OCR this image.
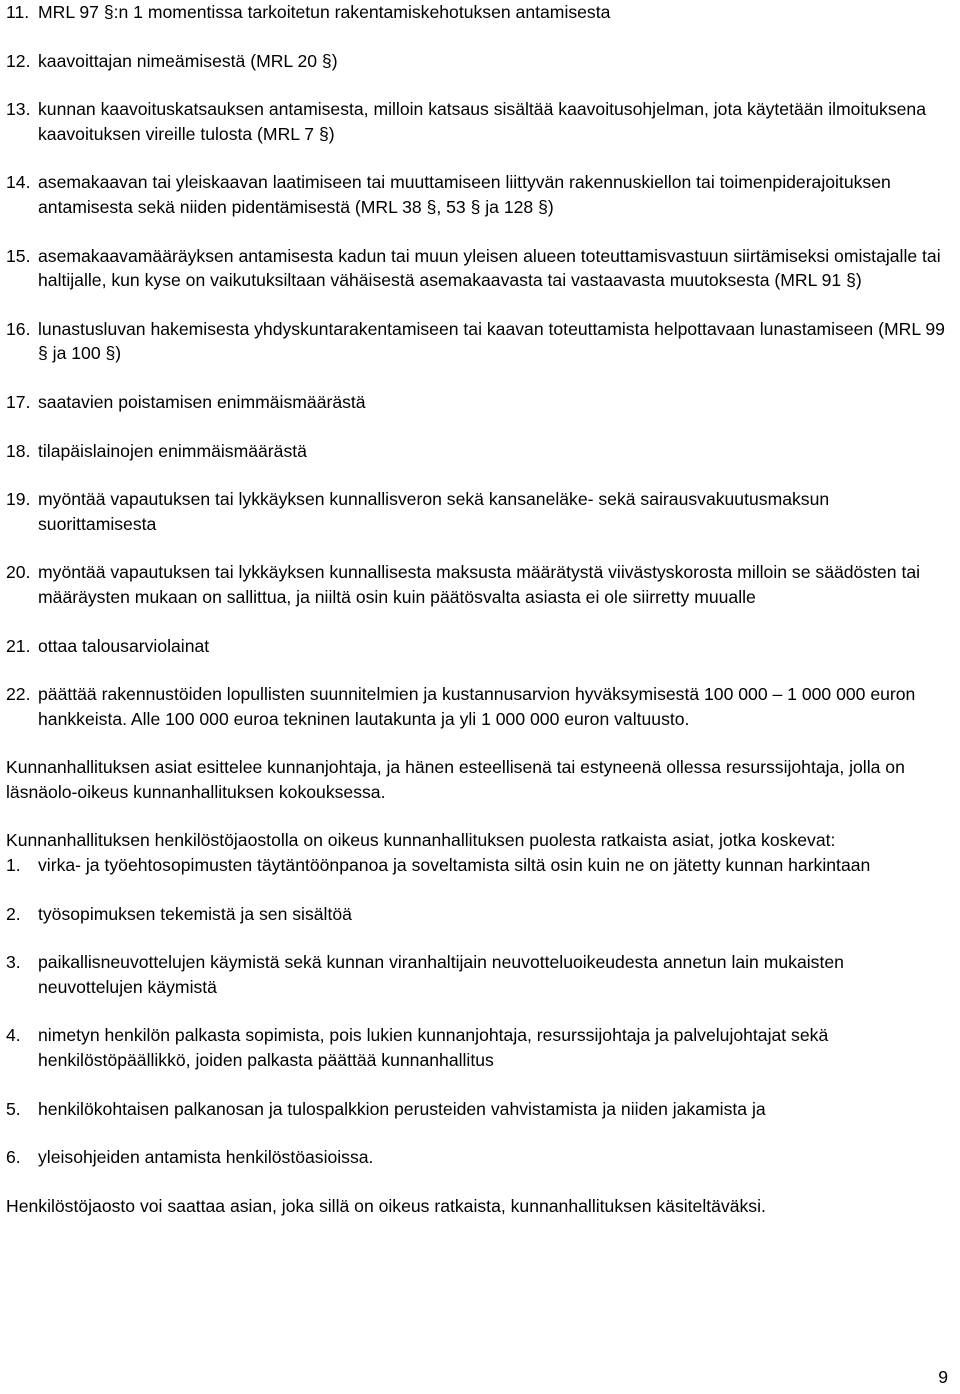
11. MRL 97 §:n 1 momentissa tarkoitetun rakentamiskehotuksen antamisesta
12. kaavoittajan nimeämisestä (MRL 20 §)
13. kunnan kaavoituskatsauksen antamisesta, milloin katsaus sisältää kaavoitusohjelman, jota käytetään ilmoituksena kaavoituksen vireille tulosta (MRL 7 §)
14. asemakaavan tai yleiskaavan laatimiseen tai muuttamiseen liittyvän rakennuskiellon tai toimenpiderajoituksen antamisesta sekä niiden pidentämisestä (MRL 38 §, 53 § ja 128 §)
15. asemakaavamääräyksen antamisesta kadun tai muun yleisen alueen toteuttamisvastuun siirtämiseksi omistajalle tai haltijalle, kun kyse on vaikutuksiltaan vähäisestä asemakaavasta tai vastaavasta muutoksesta (MRL 91 §)
16. lunastusluvan hakemisesta yhdyskuntarakentamiseen tai kaavan toteuttamista helpottavaan lunastamiseen (MRL 99 § ja 100 §)
17. saatavien poistamisen enimmäismäärästä
18. tilapäislainojen enimmäismäärästä
19. myöntää vapautuksen tai lykkäyksen kunnallisveron sekä kansaneläke- sekä sairausvakuutusmaksun suorittamisesta
20. myöntää vapautuksen tai lykkäyksen kunnallisesta maksusta määrätystä viivästyskorosta milloin se säädösten tai määräysten mukaan on sallittua, ja niiltä osin kuin päätösvalta asiasta ei ole siirretty muualle
21. ottaa talousarviolainat
22. päättää rakennustöiden lopullisten suunnitelmien ja kustannusarvion hyväksymisestä 100 000 – 1 000 000 euron hankkeista. Alle 100 000 euroa tekninen lautakunta ja yli 1 000 000 euron valtuusto.
Kunnanhallituksen asiat esittelee kunnanjohtaja, ja hänen esteellisenä tai estyneenä ollessa resurssijohtaja, jolla on läsnäolo-oikeus kunnanhallituksen kokouksessa.
Kunnanhallituksen henkilöstöjaostolla on oikeus kunnanhallituksen puolesta ratkaista asiat, jotka koskevat:
1. virka- ja työehtosopimusten täytäntöönpanoa ja soveltamista siltä osin kuin ne on jätetty kunnan harkintaan
2. työsopimuksen tekemistä ja sen sisältöä
3. paikallisneuvottelujen käymistä sekä kunnan viranhaltijain neuvotteluoikeudesta annetun lain mukaisten neuvottelujen käymistä
4. nimetyn henkilön palkasta sopimista, pois lukien kunnanjohtaja, resurssijohtaja ja palvelujohtajat sekä henkilöstöpäällikkö, joiden palkasta päättää kunnanhallitus
5. henkilökohtaisen palkanosan ja tulospalkkion perusteiden vahvistamista ja niiden jakamista ja
6. yleisohjeiden antamista henkilöstöasioissa.
Henkilöstöjaosto voi saattaa asian, joka sillä on oikeus ratkaista, kunnanhallituksen käsiteltäväksi.
9
